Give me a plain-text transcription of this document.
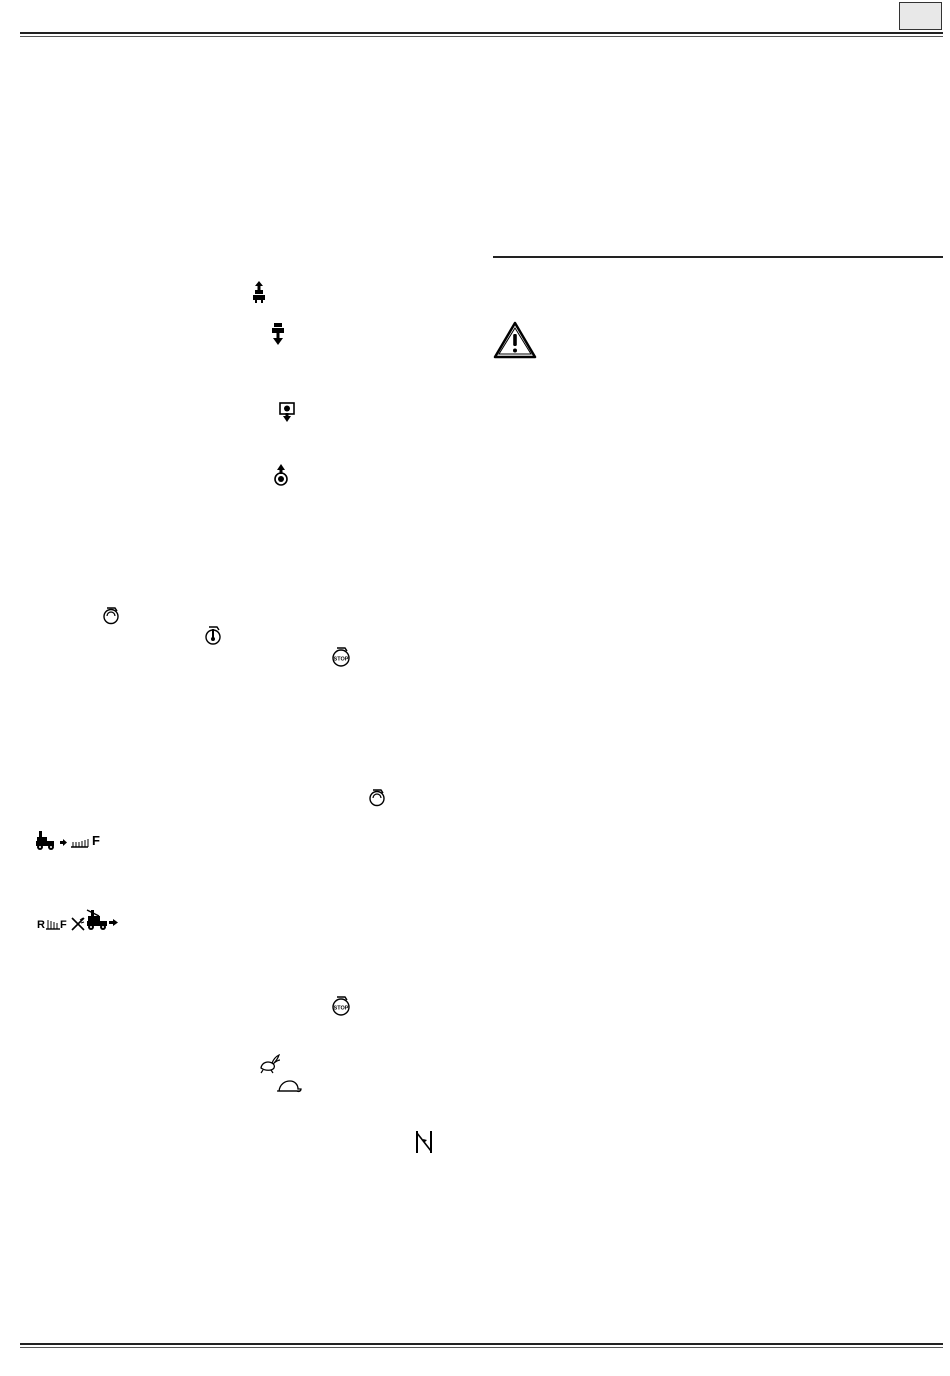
STOP
F
R F
STOP
